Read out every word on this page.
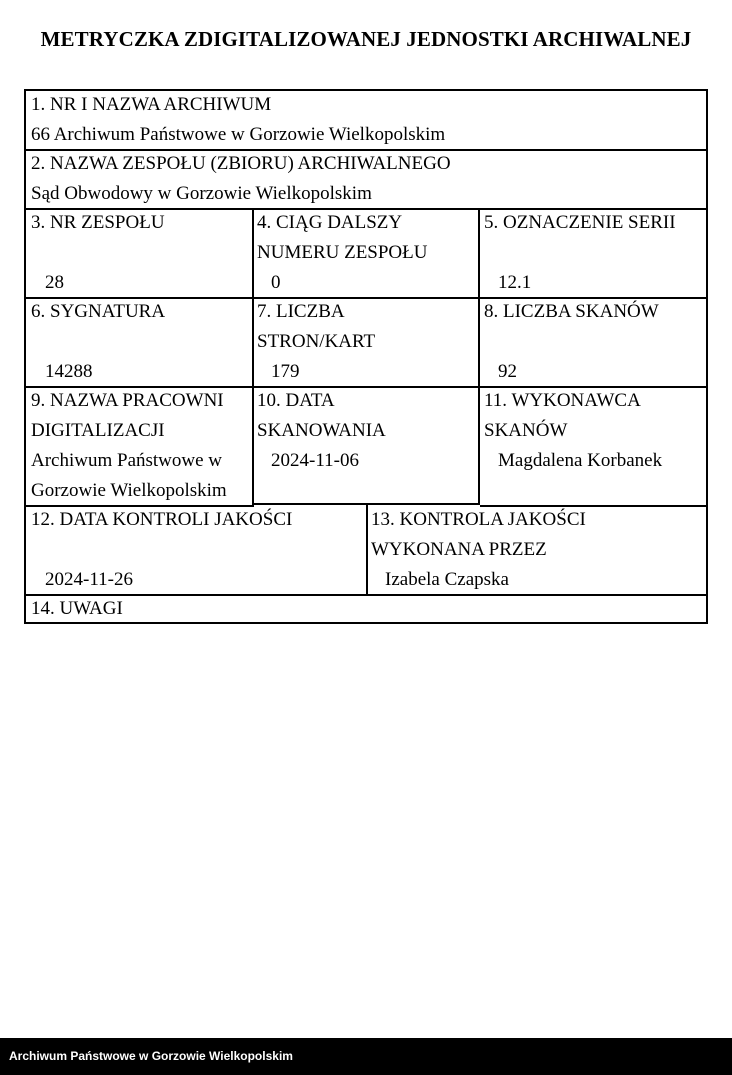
METRYCZKA ZDIGITALIZOWANEJ JEDNOSTKI ARCHIWALNEJ
1. NR I NAZWA ARCHIWUM
66 Archiwum Państwowe w Gorzowie Wielkopolskim
2. NAZWA ZESPOŁU (ZBIORU) ARCHIWALNEGO
Sąd Obwodowy w Gorzowie Wielkopolskim
3. NR ZESPOŁU
28
4. CIĄG DALSZY
NUMERU ZESPOŁU
0
5. OZNACZENIE SERII
12.1
6. SYGNATURA
14288
7. LICZBA
STRON/KART
179
8. LICZBA SKANÓW
92
9. NAZWA PRACOWNI
DIGITALIZACJI
Archiwum Państwowe w
Gorzowie Wielkopolskim
10. DATA
SKANOWANIA
2024-11-06
11. WYKONAWCA
SKANÓW
Magdalena Korbanek
12. DATA KONTROLI JAKOŚCI
2024-11-26
13. KONTROLA JAKOŚCI
WYKONANA PRZEZ
Izabela Czapska
14. UWAGI
Archiwum Państwowe w Gorzowie Wielkopolskim
